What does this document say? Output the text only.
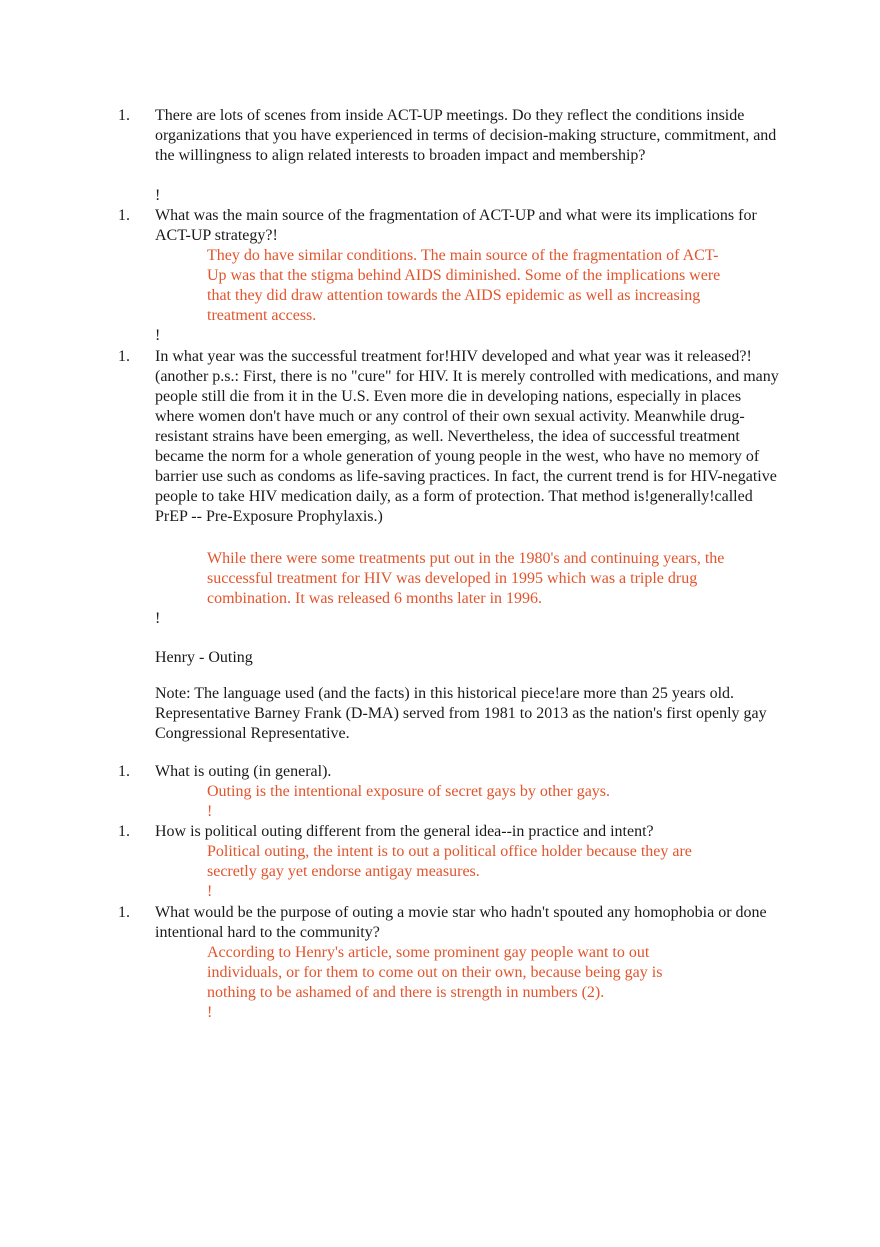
1.	There are lots of scenes from inside ACT-UP meetings. Do they reflect the conditions inside organizations that you have experienced in terms of decision-making structure, commitment, and the willingness to align related interests to broaden impact and membership?
!
1.	What was the main source of the fragmentation of ACT-UP and what were its implications for ACT-UP strategy?!
They do have similar conditions. The main source of the fragmentation of ACT-Up was that the stigma behind AIDS diminished. Some of the implications were that they did draw attention towards the AIDS epidemic as well as increasing treatment access.
!
1.	In what year was the successful treatment for!HIV developed and what year was it released?!(another p.s.: First, there is no "cure" for HIV. It is merely controlled with medications, and many people still die from it in the U.S. Even more die in developing nations, especially in places where women don't have much or any control of their own sexual activity. Meanwhile drug-resistant strains have been emerging, as well. Nevertheless, the idea of successful treatment became the norm for a whole generation of young people in the west, who have no memory of barrier use such as condoms as life-saving practices. In fact, the current trend is for HIV-negative people to take HIV medication daily, as a form of protection. That method is!generally!called PrEP -- Pre-Exposure Prophylaxis.)
While there were some treatments put out in the 1980's and continuing years, the successful treatment for HIV was developed in 1995 which was a triple drug combination. It was released 6 months later in 1996.
!
Henry - Outing
Note: The language used (and the facts) in this historical piece!are more than 25 years old. Representative Barney Frank (D-MA) served from 1981 to 2013 as the nation's first openly gay Congressional Representative.
1.	What is outing (in general).
Outing is the intentional exposure of secret gays by other gays.
!
1.	How is political outing different from the general idea--in practice and intent?
Political outing, the intent is to out a political office holder because they are secretly gay yet endorse antigay measures.
!
1.	What would be the purpose of outing a movie star who hadn't spouted any homophobia or done intentional hard to the community?
According to Henry's article, some prominent gay people want to out individuals, or for them to come out on their own, because being gay is nothing to be ashamed of and there is strength in numbers (2).
!
